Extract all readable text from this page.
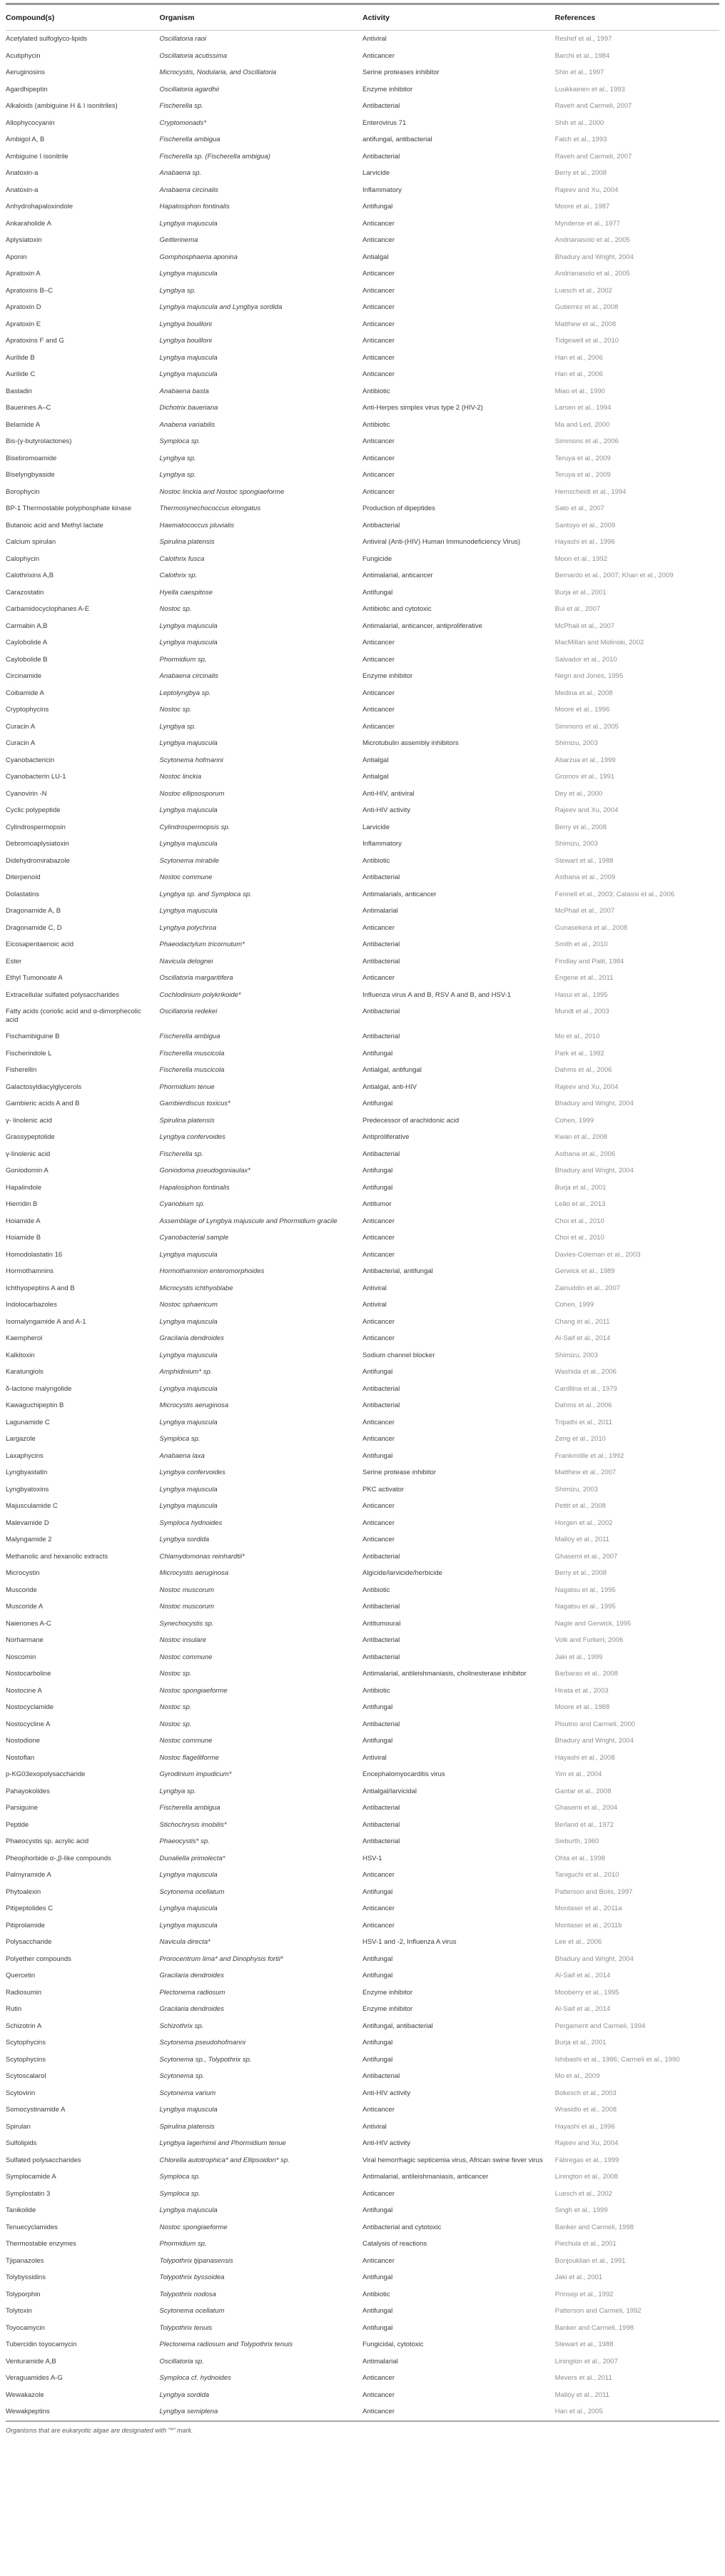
Compound(s)	Organism	Activity	References
Acetylated sulfoglyco-lipids	Oscillatoria raoi	Antiviral	Reshef et al., 1997
Acutiphycin	Oscillatoria acutissima	Anticancer	Barchi et al., 1984
Aeruginosins	Microcystis, Nodularia, and Oscillatoria	Serine proteases inhibitor	Shin et al., 1997
Agardhipeptin	Oscillatoria agardhii	Enzyme inhibitor	Luukkainen et al., 1993
Alkaloids (ambiguine H & I isonitriles)	Fischerella sp.	Antibacterial	Raveh and Carmeli, 2007
Allophycocyanin	Cryptomonads*	Enterovirus 71	Shih et al., 2000
Ambigol A, B	Fischerella ambigua	antifungal, antibacterial	Falch et al., 1993
Ambiguine I isonitrile	Fischerella sp. (Fischerella ambigua)	Antibacterial	Raveh and Carmeli, 2007
Anatoxin-a	Anabaena sp.	Larvicide	Berry et al., 2008
Anatoxin-a	Anabaena circinalis	Inflammatory	Rajeev and Xu, 2004
Anhydrohapaloxindole	Hapalosiphon fontinalis	Antifungal	Moore et al., 1987
Ankaraholide A	Lyngbya majuscula	Anticancer	Mynderse et al., 1977
Aplysiatoxin	Geitlerinema	Anticancer	Andrianasolo et al., 2005
Aponin	Gomphosphaeria aponina	Antialgal	Bhadury and Wright, 2004
Apratoxin A	Lyngbya majuscula	Anticancer	Andrianasolo et al., 2005
Apratoxins B–C	Lyngbya sp.	Anticancer	Luesch et al., 2002
Apratoxin D	Lyngbya majuscula and Lyngbya sordida	Anticancer	Gutierrez et al., 2008
Apratoxin E	Lyngbya bouilloni	Anticancer	Matthew et al., 2008
Apratoxins F and G	Lyngbya bouilloni	Anticancer	Tidgewell et al., 2010
Aurilide B	Lyngbya majuscula	Anticancer	Han et al., 2006
Aurilide C	Lyngbya majuscula	Anticancer	Han et al., 2006
Bastadin	Anabaena basta	Antibiotic	Miao et al., 1990
Bauerines A–C	Dichotrix baueriana	Anti-Herpes simplex virus type 2 (HIV-2)	Larsen et al., 1994
Belamide A	Anabena variabilis	Antibiotic	Ma and Led, 2000
Bis-(γ-butyrolactones)	Symploca sp.	Anticancer	Simmons et al., 2006
Bisebromoamide	Lyngbya sp.	Anticancer	Teruya et al., 2009
Biselyngbyaside	Lyngbya sp.	Anticancer	Teruya et al., 2009
Borophycin	Nostoc linckia and Nostoc spongiaeforme	Anticancer	Hemscheidt et al., 1994
BP-1 Thermostable polyphosphate kinase	Thermosynechococcus elongatus	Production of dipeptides	Sato et al., 2007
Butanoic acid and Methyl lactate	Haematococcus pluvialis	Antibacterial	Santoyo et al., 2009
Calcium spirulan	Spirulina platensis	Antiviral (Anti-(HIV) Human Immunodeficiency Virus)	Hayashi et al., 1996
Calophycin	Calothrix fusca	Fungicide	Moon et al., 1992
Calothrixins A,B	Calothrix sp.	Antimalarial, anticancer	Bernardo et al., 2007; Khan et al., 2009
Carazostatin	Hyella caespitose	Antifungal	Burja et al., 2001
Carbamidocyclophanes A-E	Nostoc sp.	Antibiotic and cytotoxic	Bui et al., 2007
Carmabin A,B	Lyngbya majuscula	Antimalarial, anticancer, antiproliferative	McPhail et al., 2007
Caylobolide A	Lyngbya majuscula	Anticancer	MacMillan and Molinski, 2002
Caylobolide B	Phormidium sp.	Anticancer	Salvador et al., 2010
Circinamide	Anabaena circinalis	Enzyme inhibitor	Negri and Jones, 1995
Coibamide A	Leptolyngbya sp.	Anticancer	Medina et al., 2008
Cryptophycins	Nostoc sp.	Anticancer	Moore et al., 1996
Curacin A	Lyngbya sp.	Anticancer	Simmons et al., 2005
Curacin A	Lyngbya majuscula	Microtubulin assembly inhibitors	Shimizu, 2003
Cyanobactericin	Scytonema hofmanni	Antialgal	Abarzua et al., 1999
Cyanobacterin LU-1	Nostoc linckia	Antialgal	Gromov et al., 1991
Cyanovirin -N	Nostoc ellipsosporum	Anti-HIV, antiviral	Dey et al., 2000
Cyclic polypeptide	Lyngbya majuscula	Anti-HIV activity	Rajeev and Xu, 2004
Cylindrospermopsin	Cylindrospermopsis sp.	Larvicide	Berry et al., 2008
Debromoaplysiatoxin	Lyngbya majuscula	Inflammatory	Shimizu, 2003
Didehydromirabazole	Scytonema mirabile	Antibiotic	Stewart et al., 1988
Diterpenoid	Nostoc commune	Antibacterial	Asthana et al., 2009
Dolastatins	Lyngbya sp. and Symploca sp.	Antimalarials, anticancer	Fennell et al., 2003; Catassi et al., 2006
Dragonamide A, B	Lyngbya majuscula	Antimalarial	McPhail et al., 2007
Dragonamide C, D	Lyngbya polychroa	Anticancer	Gunasekera et al., 2008
Eicosapentaenoic acid	Phaeodactylum tricornutum*	Antibacterial	Smith et al., 2010
Ester	Navicula delognei	Antibacterial	Findlay and Patil, 1984
Ethyl Tumonoate A	Oscillatoria margaritifera	Anticancer	Engene et al., 2011
Extracellular sulfated polysaccharides	Cochlodinium polykrikoide*	Influenza virus A and B, RSV A and B, and HSV-1	Hasui et al., 1995
Fatty acids (coriolic acid and α-dimorphecolic acid	Oscillatoria redekei	Antibacterial	Mundt et al., 2003
Fischambiguine B	Fischerella ambigua	Antibacterial	Mo et al., 2010
Fischerindole L	Fischerella muscicola	Antifungal	Park et al., 1992
Fisherellin	Fischerella muscicola	Antialgal, antifungal	Dahms et al., 2006
Galactosyldiacylglycerols	Phormidium tenue	Antialgal, anti-HIV	Rajeev and Xu, 2004
Gambieric acids A and B	Gambierdiscus toxicus*	Antifungal	Bhadury and Wright, 2004
γ- linolenic acid	Spirulina platensis	Predecessor of arachidonic acid	Cohen, 1999
Grassypeptolide	Lyngbya confervoides	Antiproliferative	Kwan et al., 2008
γ-linolenic acid	Fischerella sp.	Antibacterial	Asthana et al., 2006
Goniodomin A	Goniodoma pseudogoniaulax*	Antifungal	Bhadury and Wright, 2004
Hapalindole	Hapalosiphon fontinalis	Antifungal	Burja et al., 2001
Hierridin B	Cyanobium sp.	Antitumor	Leão et al., 2013
Hoiamide A	Assemblage of Lyngbya majuscule and Phormidium gracile	Anticancer	Choi et al., 2010
Hoiamide B	Cyanobacterial sample	Anticancer	Choi et al., 2010
Homodolastatin 16	Lyngbya majuscula	Anticancer	Davies-Coleman et al., 2003
Hormothamnins	Hormothamnion enteromorphoides	Antibacterial, antifungal	Gerwick et al., 1989
Ichthyopeptins A and B	Microcystis ichthyoblabe	Antiviral	Zainuddin et al., 2007
Indolocarbazoles	Nostoc sphaericum	Antiviral	Cohen, 1999
Isomalyngamide A and A-1	Lyngbya majuscula	Anticancer	Chang et al., 2011
Kaempherol	Gracilaria dendroides	Anticancer	Al-Saif et al., 2014
Kalkitoxin	Lyngbya majuscula	Sodium channel blocker	Shimizu, 2003
Karatungiols	Amphidinium* sp.	Antifungal	Washida et al., 2006
δ-lactone malyngolide	Lyngbya majuscula	Antibacterial	Cardllina et al., 1979
Kawaguchipeptin B	Microcystis aeruginosa	Antibacterial	Dahms et al., 2006
Lagunamide C	Lyngbya majuscula	Anticancer	Tripathi et al., 2011
Largazole	Symploca sp.	Anticancer	Zeng et al., 2010
Laxaphycins	Anabaena laxa	Antifungal	Frankmölle et al., 1992
Lyngbyastatin	Lyngbya confervoides	Serine protease inhibitor	Matthew et al., 2007
Lyngbyatoxins	Lyngbya majuscula	PKC activator	Shimizu, 2003
Majusculamide C	Lyngbya majuscula	Anticancer	Pettit et al., 2008
Malevamide D	Symploca hydnoides	Anticancer	Horgen et al., 2002
Malyngamide 2	Lyngbya sordida	Anticancer	Malloy et al., 2011
Methanolic and hexanolic extracts	Chlamydomonas reinhardtii*	Antibacterial	Ghasemi et al., 2007
Microcystin	Microcystis aeruginosa	Algicide/larvicide/herbicide	Berry et al., 2008
Muscoride	Nostoc muscorum	Antibiotic	Nagatsu et al., 1995
Muscoride A	Nostoc muscorum	Antibacterial	Nagatsu et al., 1995
Naienones A-C	Synechocystis sp.	Antitumoural	Nagle and Gerwick, 1995
Norharmane	Nostoc insulare	Antibacterial	Volk and Furkert, 2006
Noscomin	Nostoc commune	Antibacterial	Jaki et al., 1999
Nostocarboline	Nostoc sp.	Antimalarial, antileishmaniasis, cholinesterase inhibitor	Barbaras et al., 2008
Nostocine A	Nostoc spongiaeforme	Antibiotic	Hirata et al., 2003
Nostocyclamide	Nostoc sp.	Antifungal	Moore et al., 1988
Nostocycline A	Nostoc sp.	Antibacterial	Ploutno and Carmeli, 2000
Nostodione	Nostoc commune	Antifungal	Bhadury and Wright, 2004
Nostoflan	Nostoc flagelliforme	Antiviral	Hayashi et al., 2008
p-KG03exopolysaccharide	Gyrodinium impudicum*	Encephalomyocarditis virus	Yim et al., 2004
Pahayokolides	Lyngbya sp.	Antialgal/larvicidal	Gantar et al., 2008
Parsiguine	Fischerella ambigua	Antibacterial	Ghasemi et al., 2004
Peptide	Stichochrysis imobilis*	Antibacterial	Berland et al., 1972
Phaeocystis sp. acrylic acid	Phaeocystis* sp.	Antibacterial	Sieburth, 1960
Pheophorbide α-,β-like compounds	Dunaliella primolecta*	HSV-1	Ohta et al., 1998
Palmyramide A	Lyngbya majuscula	Anticancer	Taniguchi et al., 2010
Phytoalexin	Scytonema ocellatum	Antifungal	Patterson and Bolis, 1997
Pitipeptolides C	Lyngbya majuscula	Anticancer	Montaser et al., 2011a
Pitiprolamide	Lyngbya majuscula	Anticancer	Montaser et al., 2011b
Polysaccharide	Navicula directa*	HSV-1 and -2, Influenza A virus	Lee et al., 2006
Polyether compounds	Prorocentrum lima* and Dinophysis fortii*	Antifungal	Bhadury and Wright, 2004
Quercetin	Gracilaria dendroides	Antifungal	Al-Saif et al., 2014
Radiosumin	Plectonema radiosum	Enzyme inhibitor	Mooberry et al., 1995
Rutin	Gracilaria dendroides	Enzyme inhibitor	Al-Saif et al., 2014
Schizotrin A	Schizothrix sp.	Antifungal, antibacterial	Pergament and Carmeli, 1994
Scytophycins	Scytonema pseudohofmanni	Antifungal	Burja et al., 2001
Scytophycins	Scytonema sp., Tolypothrix sp.	Antifungal	Ishibashi et al., 1986; Carmeli et al., 1990
Scytoscalarol	Scytonema sp.	Antibacterial	Mo et al., 2009
Scytovirin	Scytonema varium	Anti-HIV activity	Bokesch et al., 2003
Somocystinamide A	Lyngbya majuscula	Anticancer	Wrasidlo et al., 2008
Spirulan	Spirulina platensis	Antiviral	Hayashi et al., 1996
Sulfolipids	Lyngbya lagerhimii and Phormidium tenue	Anti-HIV activity	Rajeev and Xu, 2004
Sulfated polysaccharides	Chlorella autotrophica* and Ellipsoidon* sp.	Viral hemorrhagic septicemia virus, African swine fever virus	Fábregas et al., 1999
Symplocamide A	Symploca sp.	Antimalarial, antileishmaniasis, anticancer	Linington et al., 2008
Symplostatin 3	Symploca sp.	Anticancer	Luesch et al., 2002
Tanikolide	Lyngbya majuscula	Antifungal	Singh et al., 1999
Tenuecyclamides	Nostoc spongiaeforme	Antibacterial and cytotoxic	Banker and Carmeli, 1998
Thermostable enzymes	Phormidium sp.	Catalysis of reactions	Piechula et al., 2001
Tjipanazoles	Tolypothrix tjipanasensis	Anticancer	Bonjouklian et al., 1991
Tolybyssidins	Tolypothrix byssoidea	Antifungal	Jaki et al., 2001
Tolyporphin	Tolypothrix nodosa	Antibiotic	Prinsep et al., 1992
Tolytoxin	Scytonema ocellatum	Antifungal	Patterson and Carmeli, 1992
Toyocamycin	Tolypothrix tenuis	Antifungal	Banker and Carmeli, 1998
Tubercidin toyocamycin	Plectonema radiosum and Tolypothrix tenuis	Fungicidal, cytotoxic	Stewart et al., 1988
Venturamide A,B	Oscillatoria sp.	Antimalarial	Linington et al., 2007
Veraguamides A-G	Symploca cf. hydnoides	Anticancer	Mevers et al., 2011
Wewakazole	Lyngbya sordida	Anticancer	Malloy et al., 2011
Wewakpeptins	Lyngbya semiplena	Anticancer	Han et al., 2005
Organisms that are eukaryotic algae are designated with "*" mark.
